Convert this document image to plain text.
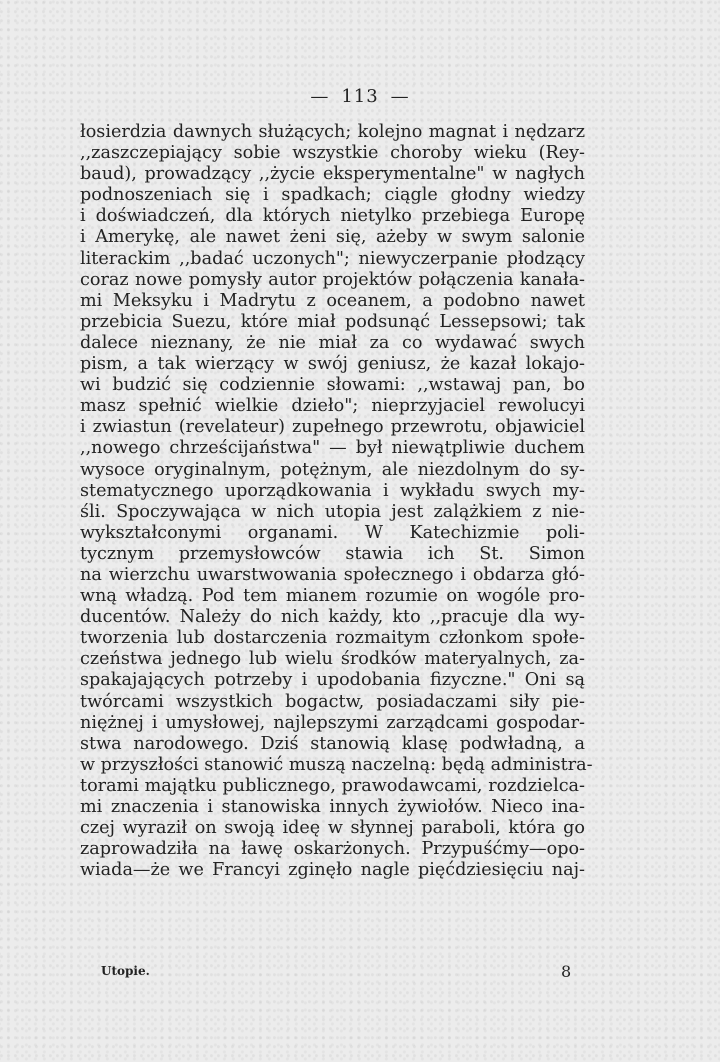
— 113 —
łosierdzia dawnych służących; kolejno magnat i nędzarz
,,zaszczepiający sobie wszystkie choroby wieku (Rey-
baud), prowadzący ,,życie eksperymentalne" w nagłych
podnoszeniach się i spadkach; ciągle głodny wiedzy
i doświadczeń, dla których nietylko przebiega Europę
i Amerykę, ale nawet żeni się, ażeby w swym salonie
literackim ,,badać uczonych"; niewyczerpanie płodzący
coraz nowe pomysły autor projektów połączenia kanała-
mi Meksyku i Madrytu z oceanem, a podobno nawet
przebicia Suezu, które miał podsunąć Lessepsowi; tak
dalece nieznany, że nie miał za co wydawać swych
pism, a tak wierzący w swój geniusz, że kazał lokajo-
wi budzić się codziennie słowami: ,,wstawaj pan, bo
masz spełnić wielkie dzieło"; nieprzyjaciel rewolucyi
i zwiastun (revelateur) zupełnego przewrotu, objawiciel
,,nowego chrześcijaństwa" — był niewątpliwie duchem
wysoce oryginalnym, potężnym, ale niezdolnym do sy-
stematycznego uporządkowania i wykładu swych my-
śli. Spoczywająca w nich utopia jest zalążkiem z nie-
wykształconymi organami. W Katechizmie poli-
tycznym przemysłowców stawia ich St. Simon
na wierzchu uwarstwowania społecznego i obdarza głó-
wną władzą. Pod tem mianem rozumie on wogóle pro-
ducentów. Należy do nich każdy, kto ,,pracuje dla wy-
tworzenia lub dostarczenia rozmaitym członkom społe-
czeństwa jednego lub wielu środków materyalnych, za-
spakajających potrzeby i upodobania fizyczne." Oni są
twórcami wszystkich bogactw, posiadaczami siły pie-
niężnej i umysłowej, najlepszymi zarządcami gospodar-
stwa narodowego. Dziś stanowią klasę podwładną, a
w przyszłości stanowić muszą naczelną: będą administra-
torami majątku publicznego, prawodawcami, rozdzielca-
mi znaczenia i stanowiska innych żywiołów. Nieco ina-
czej wyraził on swoją ideę w słynnej paraboli, która go
zaprowadziła na ławę oskarżonych. Przypuśćmy—opo-
wiada—że we Francyi zginęło nagle pięćdziesięciu naj-
Utopie.	8
